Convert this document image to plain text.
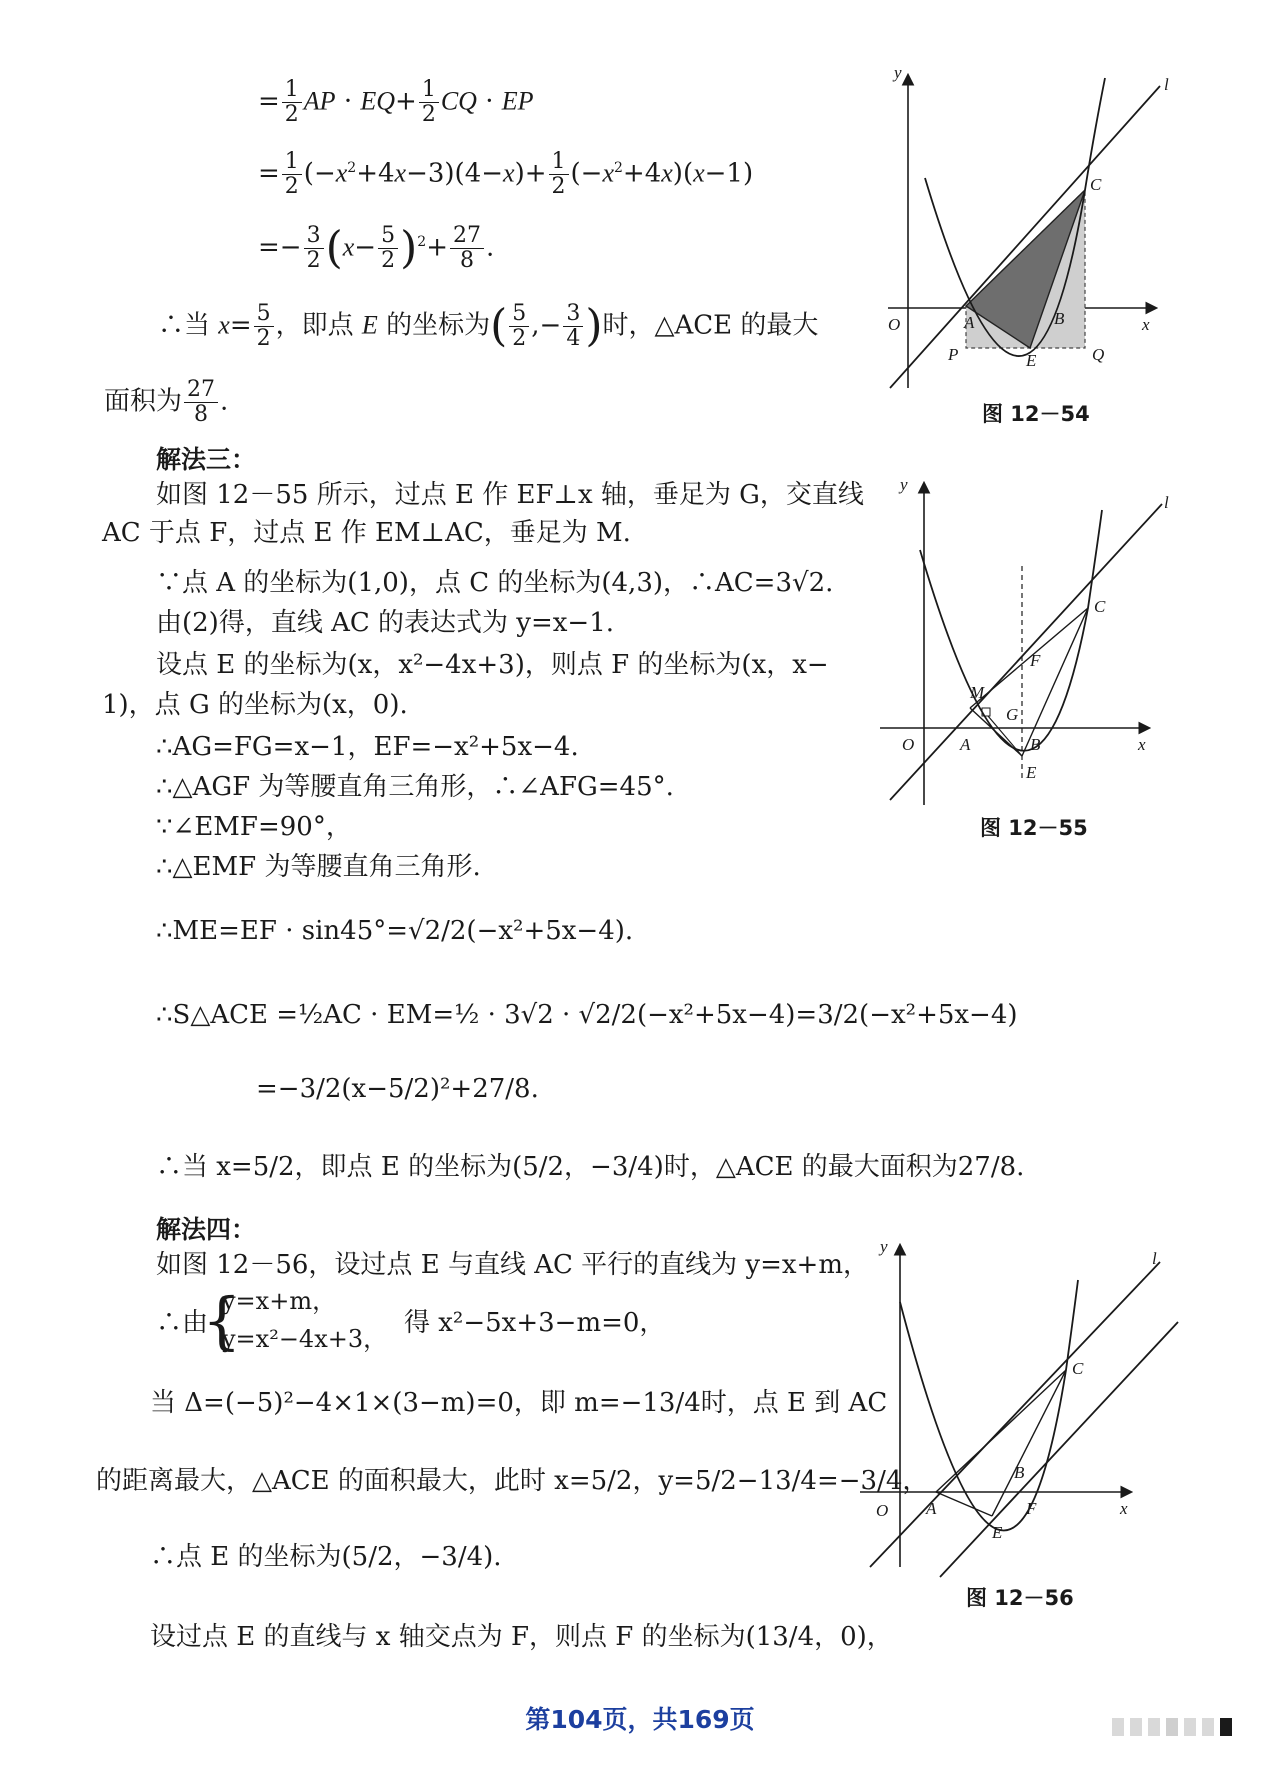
= $\frac{1}{2}$ AP · $EQ+ \frac{1}{2}$ CQ · EP
= $\frac{1}{2} (-x^2+4x-3)(4-x)+ \frac{1}{2} (-x^2+4x)(x-1)$
=− $\frac{3}{2} (x- \frac{5}{2} )^2+ \frac{27}{8}$ .
∴当 $x= \frac{5}{2}$ ，即点 E 的坐标为( $\frac{5}{2}$ ,− $\frac{3}{4}$ )时，△ACE 的最大
面积为 $\frac{27}{8}$ .
解法三：
如图 12－55 所示，过点 E 作 EF⊥x 轴，垂足为 G，交直线
AC 于点 F，过点 E 作 EM⊥AC，垂足为 M.
∵点 A 的坐标为(1,0)，点 C 的坐标为(4,3)，∴AC=3√2.
由(2)得，直线 AC 的表达式为 y=x−1.
设点 E 的坐标为(x，x²−4x+3)，则点 F 的坐标为(x，x−
1)，点 G 的坐标为(x，0).
∴AG=FG=x−1，EF=−x²+5x−4.
∴△AGF 为等腰直角三角形，∴∠AFG=45°.
∵∠EMF=90°，
∴△EMF 为等腰直角三角形.
∴ME=EF · sin45°=√2/2(−x²+5x−4).
∴S△ACE =½AC · EM=½ · 3√2 · √2/2(−x²+5x−4)=3/2(−x²+5x−4)
=−3/2(x−5/2)²+27/8.
∴当 x=5/2，即点 E 的坐标为(5/2，−3/4)时，△ACE 的最大面积为27/8.
解法四：
如图 12－56，设过点 E 与直线 AC 平行的直线为 y=x+m，
∴由
{
y=x+m，
y=x²−4x+3，
得 x²−5x+3−m=0，
当 Δ=(−5)²−4×1×(3−m)=0，即 m=−13/4时，点 E 到 AC
的距离最大，△ACE 的面积最大，此时 x=5/2，y=5/2−13/4=−3/4，
∴点 E 的坐标为(5/2，−3/4).
设过点 E 的直线与 x 轴交点为 F，则点 F 的坐标为(13/4，0)，
y
l
C
O	A	B	x
P	E	Q
图 12－54
y
l
C
F
M
G
O	A	B	x
E
图 12－55
y
l
C
B
O A	F	x
E
图 12－56
第104页，共169页
